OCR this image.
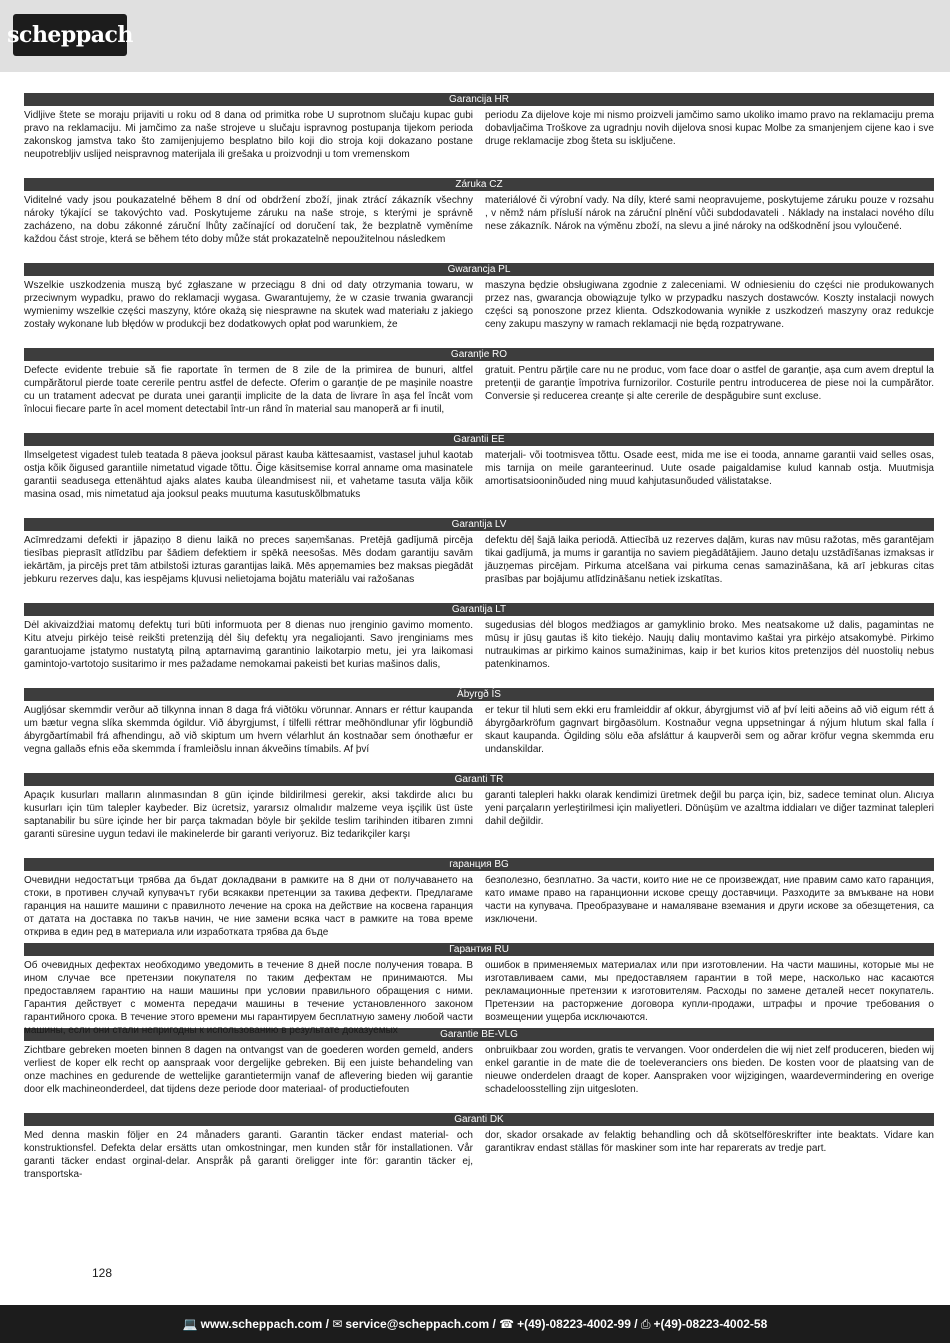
scheppach
Garancija HR

Vidljive štete se moraju prijaviti u roku od 8 dana od primitka robe U suprotnom slučaju kupac gubi pravo na reklamaciju. Mi jamčimo za naše strojeve u slučaju ispravnog postupanja tijekom perioda zakonskog jamstva tako što zamijenjujemo besplatno bilo koji dio stroja koji dokazano postane neupotrebljiv uslijed neispravnog materijala ili grešaka u proizvodnji u tom vremenskom

periodu Za dijelove koje mi nismo proizveli jamčimo samo ukoliko imamo pravo na reklamaciju prema dobavljačima Troškove za ugradnju novih dijelova snosi kupac Molbe za smanjenjem cijene kao i sve druge reklamacije zbog šteta su isključene.

Záruka CZ

Viditelné vady jsou poukazatelné během 8 dní od obdržení zboží, jinak ztrácí zákazník všechny nároky týkající se takovýchto vad. Poskytujeme záruku na naše stroje, s kterými je správně zacházeno, na dobu zákonné záruční lhůty začínající od doručení tak, že bezplatně vyměníme každou část stroje, která se během této doby může stát prokazatelně nepoužitelnou následkem

materiálové či výrobní vady. Na díly, které sami neopravujeme, poskytujeme záruku pouze v rozsahu , v němž nám přísluší nárok na záruční plnění vůči subdodavateli . Náklady na instalaci nového dílu nese zákazník. Nárok na výměnu zboží, na slevu a jiné nároky na odškodnění jsou vyloučené.

Gwarancja PL

Wszelkie uszkodzenia muszą być zgłaszane w przeciągu 8 dni od daty otrzymania towaru, w przeciwnym wypadku, prawo do reklamacji wygasa. Gwarantujemy, że w czasie trwania gwarancji wymienimy wszelkie części maszyny, które okażą się niesprawne na skutek wad materiału z jakiego zostały wykonane lub błędów w produkcji bez dodatkowych opłat pod warunkiem, że

maszyna będzie obsługiwana zgodnie z zaleceniami. W odniesieniu do części nie produkowanych przez nas, gwarancja obowiązuje tylko w przypadku naszych dostawców. Koszty instalacji nowych części są ponoszone przez klienta. Odszkodowania wynikłe z uszkodzeń maszyny oraz redukcje ceny zakupu maszyny w ramach reklamacji nie będą rozpatrywane.

Garanție RO

Defecte evidente trebuie să fie raportate în termen de 8 zile de la primirea de bunuri, altfel cumpărătorul pierde toate cererile pentru astfel de defecte. Oferim o garanție de pe mașinile noastre cu un tratament adecvat pe durata unei garanții implicite de la data de livrare în așa fel încât vom înlocui fiecare parte în acel moment detectabil într-un rând în material sau manoperă ar fi inutil,

gratuit. Pentru părțile care nu ne produc, vom face doar o astfel de garanție, așa cum avem dreptul la pretenții de garanție împotriva furnizorilor. Costurile pentru introducerea de piese noi la cumpărător. Conversie și reducerea creanțe și alte cererile de despăgubire sunt excluse.

Garantii EE

Ilmselgetest vigadest tuleb teatada 8 päeva jooksul pärast kauba kättesaamist, vastasel juhul kaotab ostja kõik õigused garantiile nimetatud vigade tõttu. Õige käsitsemise korral anname oma masinatele garantii seadusega ettenähtud ajaks alates kauba üleandmisest nii, et vahetame tasuta välja kõik masina osad, mis nimetatud aja jooksul peaks muutuma kasutuskõlbmatuks

materjali- või tootmisvea tõttu. Osade eest, mida me ise ei tooda, anname garantii vaid selles osas, mis tarnija on meile garanteerinud. Uute osade paigaldamise kulud kannab ostja. Muutmisja amortisatsiooninõuded ning muud kahjutasunõuded välistatakse.

Garantija LV

Acīmredzami defekti ir jāpaziņo 8 dienu laikā no preces saņemšanas. Pretējā gadījumā pircēja tiesības pieprasīt atlīdzību par šādiem defektiem ir spēkā neesošas. Mēs dodam garantiju savām iekārtām, ja pircējs pret tām atbilstoši izturas garantijas laikā. Mēs apņemamies bez maksas piegādāt jebkuru rezerves daļu, kas iespējams kļuvusi nelietojama bojātu materiālu vai ražošanas

defektu dēļ šajā laika periodā. Attiecībā uz rezerves daļām, kuras nav mūsu ražotas, mēs garantējam tikai gadījumā, ja mums ir garantija no saviem piegādātājiem. Jauno detaļu uzstādīšanas izmaksas ir jāuzņemas pircējam. Pirkuma atcelšana vai pirkuma cenas samazināšana, kā arī jebkuras citas prasības par bojājumu atlīdzināšanu netiek izskatītas.

Garantija LT

Dėl akivaizdžiai matomų defektų turi būti informuota per 8 dienas nuo įrenginio gavimo momento. Kitu atveju pirkėjo teisė reikšti pretenziją dėl šių defektų yra negaliojanti. Savo įrenginiams mes garantuojame įstatymo nustatytą pilną aptarnavimą garantinio laikotarpio metu, jei yra laikomasi gamintojo-vartotojo susitarimo ir mes pažadame nemokamai pakeisti bet kurias mašinos dalis,

sugedusias dėl blogos medžiagos ar gamyklinio broko. Mes neatsakome už dalis, pagamintas ne mūsų ir jūsų gautas iš kito tiekėjo. Naujų dalių montavimo kaštai yra pirkėjo atsakomybė. Pirkimo nutraukimas ar pirkimo kainos sumažinimas, kaip ir bet kurios kitos pretenzijos dėl nuostolių nebus patenkinamos.

Ábyrgð ÍS

Augljósar skemmdir verður að tilkynna innan 8 daga frá viðtöku vörunnar. Annars er réttur kaupanda um bætur vegna slíka skemmda ógildur. Við ábyrgjumst, í tilfelli réttrar meðhöndlunar yfir lögbundið ábyrgðartímabil frá afhendingu, að við skiptum um hvern vélarhlut án kostnaðar sem ónothæfur er vegna gallaðs efnis eða skemmda í framleiðslu innan ákveðins tímabils. Af því

er tekur til hluti sem ekki eru framleiddir af okkur, ábyrgjumst við af því leiti aðeins að við eigum rétt á ábyrgðarkröfum gagnvart birgðasölum. Kostnaður vegna uppsetningar á nýjum hlutum skal falla í skaut kaupanda. Ógilding sölu eða afsláttur á kaupverði sem og aðrar kröfur vegna skemmda eru undanskildar.

Garanti TR

Apaçık kusurları malların alınmasından 8 gün içinde bildirilmesi gerekir, aksi takdirde alıcı bu kusurları için tüm talepler kaybeder. Biz ücretsiz, yararsız olmalıdır malzeme veya işçilik üst üste saptanabilir bu süre içinde her bir parça takmadan böyle bir şekilde teslim tarihinden itibaren zımni garanti süresine uygun tedavi ile makinelerde bir garanti veriyoruz. Biz tedarikçiler karşı

garanti talepleri hakkı olarak kendimizi üretmek değil bu parça için, biz, sadece teminat olun. Alıcıya yeni parçaların yerleştirilmesi için maliyetleri. Dönüşüm ve azaltma iddiaları ve diğer tazminat talepleri dahil değildir.

гаранция BG

Очевидни недостатъци трябва да бъдат докладвани в рамките на 8 дни от получаването на стоки, в противен случай купувачът губи всякакви претенции за такива дефекти. Предлагаме гаранция на нашите машини с правилното лечение на срока на действие на косвена гаранция от датата на доставка по такъв начин, че ние замени всяка част в рамките на това време открива в един ред в материала или изработката трябва да бъде

безполезно, безплатно. За части, които ние не се произвеждат, ние правим само като гаранция, като имаме право на гаранционни искове срещу доставчици. Разходите за вмъкване на нови части на купувача. Преобразуване и намаляване вземания и други искове за обезщетения, са изключени.

Гарантия RU

Об очевидных дефектах необходимо уведомить в течение 8 дней после получения товара. В ином случае все претензии покупателя по таким дефектам не принимаются. Мы предоставляем гарантию на наши машины при условии правильного обращения с ними. Гарантия действует с момента передачи машины в течение установленного законом гарантийного срока. В течение этого времени мы гарантируем бесплатную замену любой части машины, если они стали непригодны к использованию в результате доказуемых

ошибок в применяемых материалах или при изготовлении. На части машины, которые мы не изготавливаем сами, мы предоставляем гарантии в той мере, насколько нас касаются рекламационные претензии к изготовителям. Расходы по замене деталей несет покупатель. Претензии на расторжение договора купли-продажи, штрафы и прочие требования о возмещении ущерба исключаются.

Garantie BE-VLG

Zichtbare gebreken moeten binnen 8 dagen na ontvangst van de goederen worden gemeld, anders verliest de koper elk recht op aanspraak voor dergelijke gebreken. Bij een juiste behandeling van onze machines en gedurende de wettelijke garantietermijn vanaf de aflevering bieden wij garantie door elk machineonderdeel, dat tijdens deze periode door materiaal- of productiefouten

onbruikbaar zou worden, gratis te vervangen. Voor onderdelen die wij niet zelf produceren, bieden wij enkel garantie in de mate die de toeleveranciers ons bieden. De kosten voor de plaatsing van de nieuwe onderdelen draagt de koper. Aanspraken voor wijzigingen, waardevermindering en overige schadeloosstelling zijn uitgesloten.

Garanti DK

Med denna maskin följer en 24 månaders garanti. Garantin täcker endast material- och konstruktionsfel. Defekta delar ersätts utan omkostningar, men kunden står för installationen. Vår garanti täcker endast orginal-delar. Anspråk på garanti öreligger inte för: garantin täcker ej, transportska-

dor, skador orsakade av felaktig behandling och då skötselföreskrifter inte beaktats. Vidare kan garantikrav endast ställas för maskiner som inte har reparerats av tredje part.

128
💻 www.scheppach.com
/
✉ service@scheppach.com
/
☎ +(49)-08223-4002-99
/
⎙ +(49)-08223-4002-58
